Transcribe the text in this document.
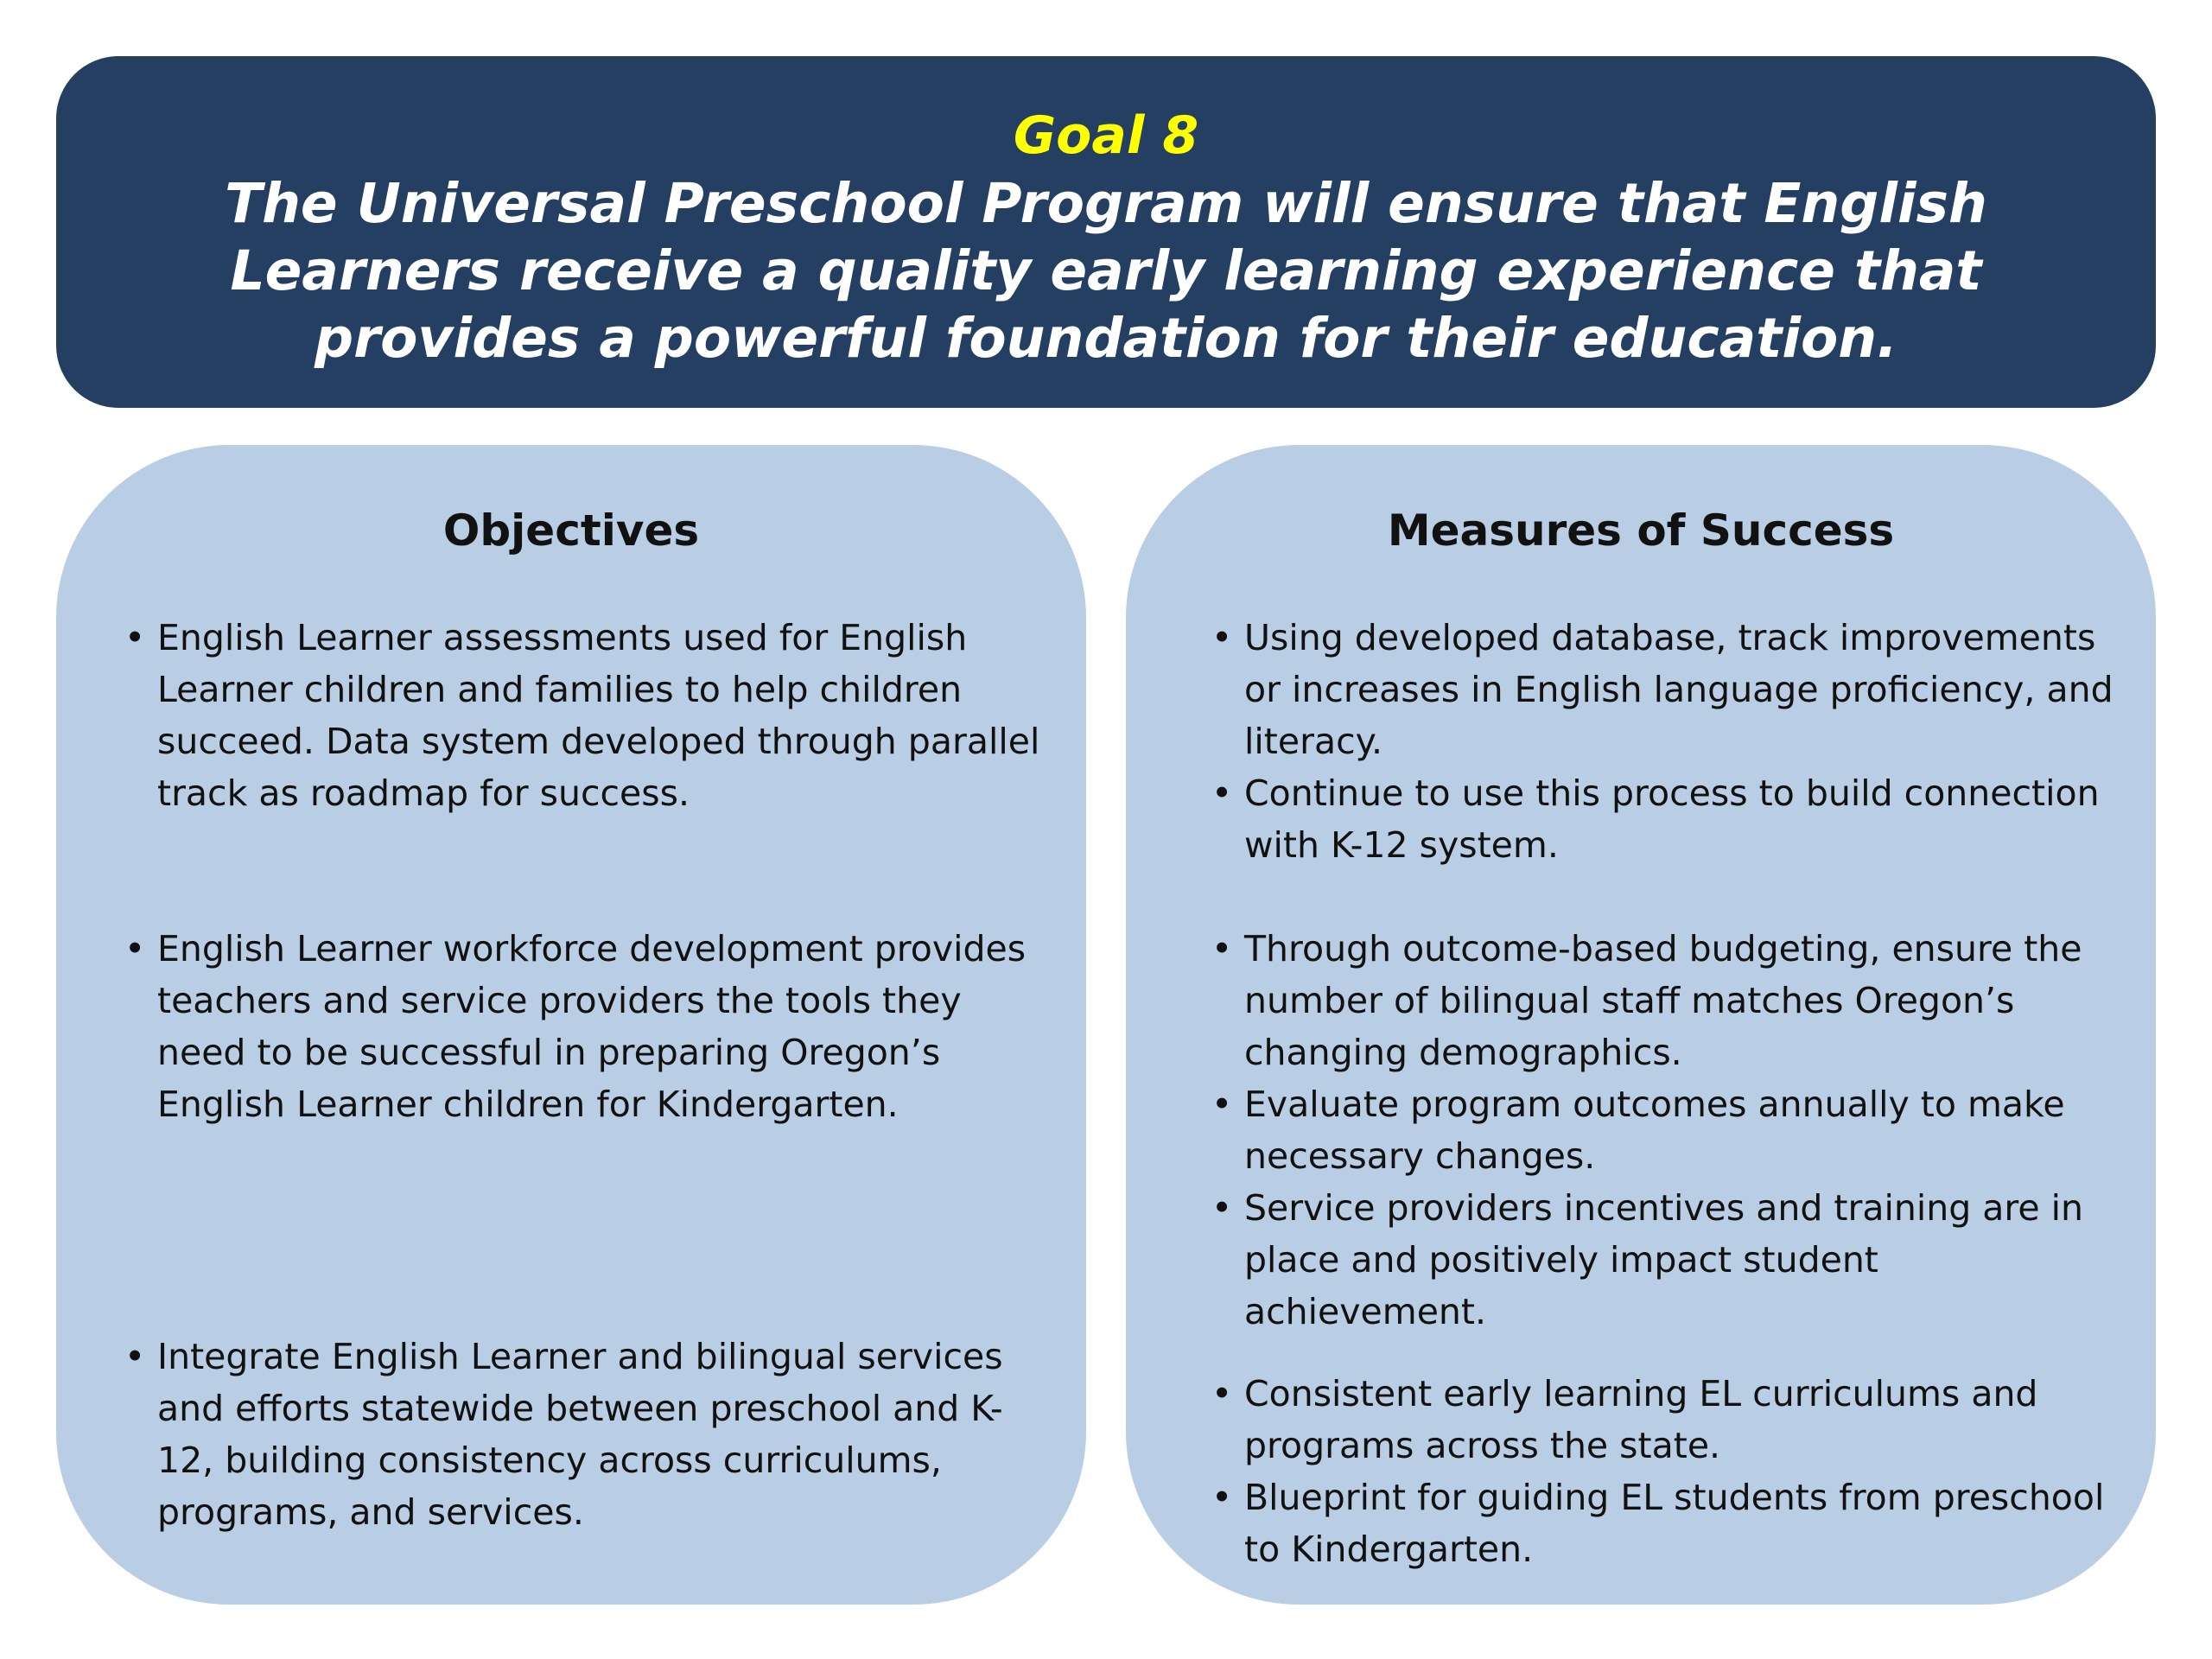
Goal 8
The Universal Preschool Program will ensure that English
Learners receive a quality early learning experience that
provides a powerful foundation for their education.
Objectives
• English Learner assessments used for English
Learner children and families to help children
succeed. Data system developed through parallel
track as roadmap for success.
• English Learner workforce development provides
teachers and service providers the tools they
need to be successful in preparing Oregon’s
English Learner children for Kindergarten.
• Integrate English Learner and bilingual services
and efforts statewide between preschool and K-
12, building consistency across curriculums,
programs, and services.
Measures of Success
• Using developed database, track improvements
or increases in English language proficiency, and
literacy.
• Continue to use this process to build connection
with K-12 system.
• Through outcome-based budgeting, ensure the
number of bilingual staff matches Oregon’s
changing demographics.
• Evaluate program outcomes annually to make
necessary changes.
• Service providers incentives and training are in
place and positively impact student
achievement.
• Consistent early learning EL curriculums and
programs across the state.
• Blueprint for guiding EL students from preschool
to Kindergarten.
